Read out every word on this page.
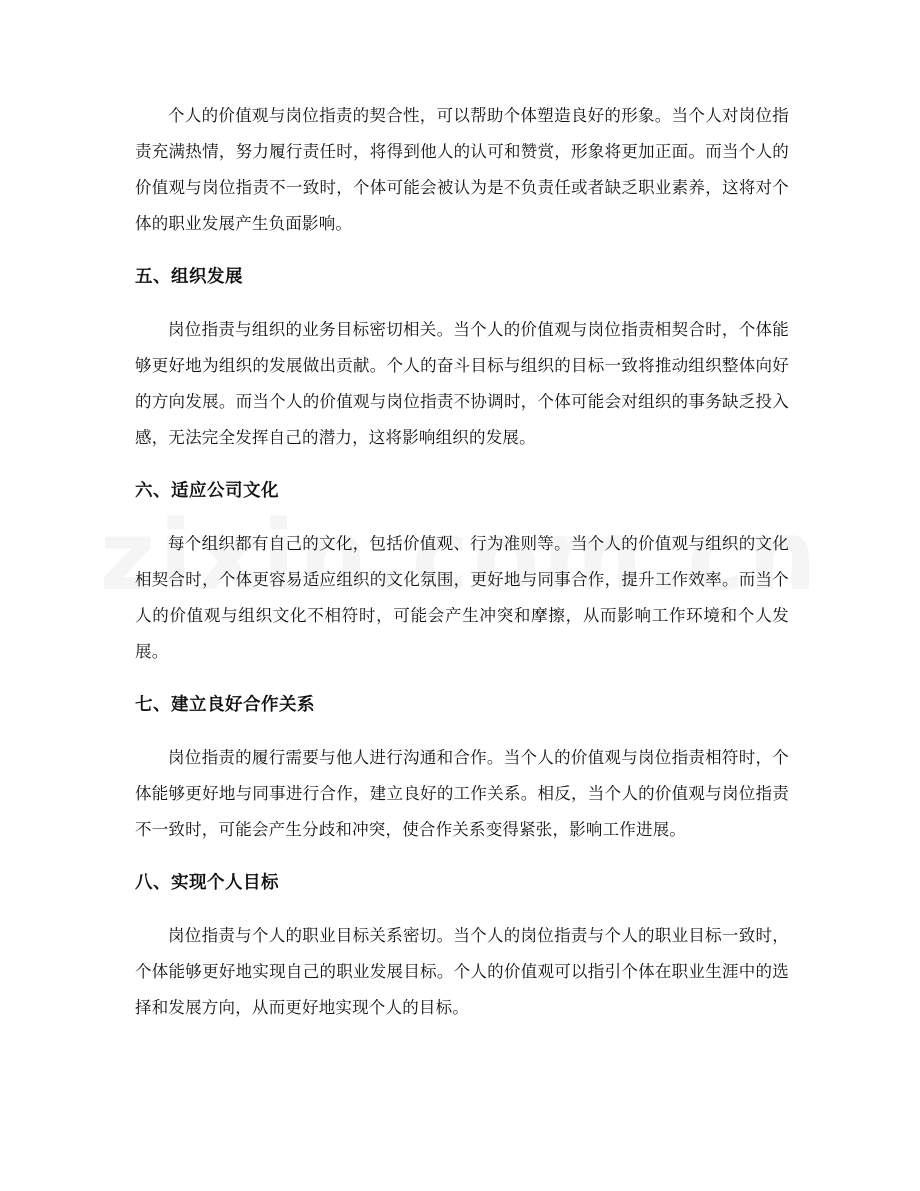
个人的价值观与岗位指责的契合性，可以帮助个体塑造良好的形象。当个人对岗位指责充满热情，努力履行责任时，将得到他人的认可和赞赏，形象将更加正面。而当个人的价值观与岗位指责不一致时，个体可能会被认为是不负责任或者缺乏职业素养，这将对个体的职业发展产生负面影响。

五、组织发展

岗位指责与组织的业务目标密切相关。当个人的价值观与岗位指责相契合时，个体能够更好地为组织的发展做出贡献。个人的奋斗目标与组织的目标一致将推动组织整体向好的方向发展。而当个人的价值观与岗位指责不协调时，个体可能会对组织的事务缺乏投入感，无法完全发挥自己的潜力，这将影响组织的发展。

六、适应公司文化

每个组织都有自己的文化，包括价值观、行为准则等。当个人的价值观与组织的文化相契合时，个体更容易适应组织的文化氛围，更好地与同事合作，提升工作效率。而当个人的价值观与组织文化不相符时，可能会产生冲突和摩擦，从而影响工作环境和个人发展。

七、建立良好合作关系

岗位指责的履行需要与他人进行沟通和合作。当个人的价值观与岗位指责相符时，个体能够更好地与同事进行合作，建立良好的工作关系。相反，当个人的价值观与岗位指责不一致时，可能会产生分歧和冲突，使合作关系变得紧张，影响工作进展。

八、实现个人目标

岗位指责与个人的职业目标关系密切。当个人的岗位指责与个人的职业目标一致时，个体能够更好地实现自己的职业发展目标。个人的价值观可以指引个体在职业生涯中的选择和发展方向，从而更好地实现个人的目标。
